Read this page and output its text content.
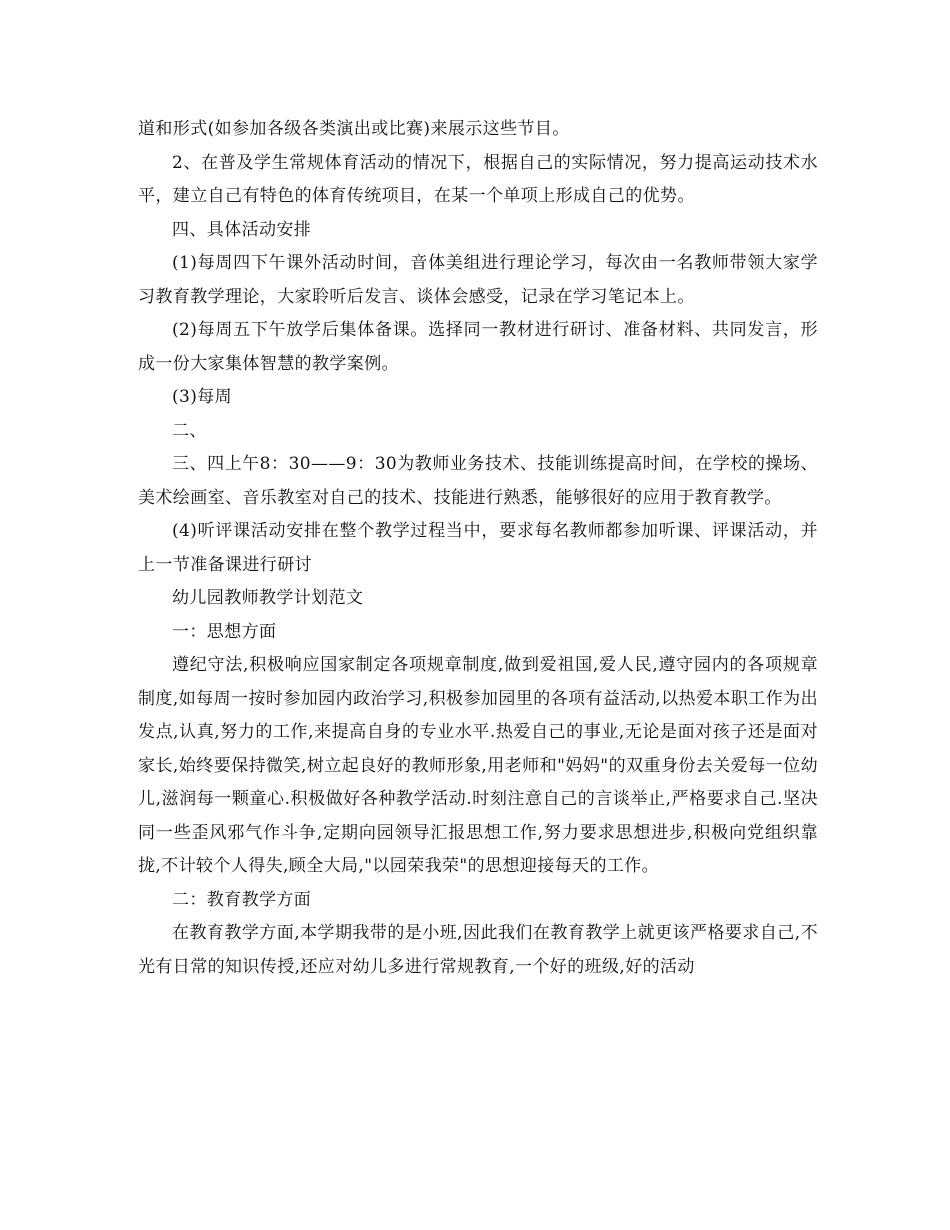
道和形式(如参加各级各类演出或比赛)来展示这些节目。

2、在普及学生常规体育活动的情况下，根据自己的实际情况，努力提高运动技术水平，建立自己有特色的体育传统项目，在某一个单项上形成自己的优势。

四、具体活动安排

(1)每周四下午课外活动时间，音体美组进行理论学习，每次由一名教师带领大家学习教育教学理论，大家聆听后发言、谈体会感受，记录在学习笔记本上。

(2)每周五下午放学后集体备课。选择同一教材进行研讨、准备材料、共同发言，形成一份大家集体智慧的教学案例。

(3)每周

二、

三、四上午8：30——9：30为教师业务技术、技能训练提高时间，在学校的操场、美术绘画室、音乐教室对自己的技术、技能进行熟悉，能够很好的应用于教育教学。

(4)听评课活动安排在整个教学过程当中，要求每名教师都参加听课、评课活动，并上一节准备课进行研讨

幼儿园教师教学计划范文

一：思想方面

遵纪守法,积极响应国家制定各项规章制度,做到爱祖国,爱人民,遵守园内的各项规章制度,如每周一按时参加园内政治学习,积极参加园里的各项有益活动,以热爱本职工作为出发点,认真,努力的工作,来提高自身的专业水平.热爱自己的事业,无论是面对孩子还是面对家长,始终要保持微笑,树立起良好的教师形象,用老师和"妈妈"的双重身份去关爱每一位幼儿,滋润每一颗童心.积极做好各种教学活动.时刻注意自己的言谈举止,严格要求自己.坚决同一些歪风邪气作斗争,定期向园领导汇报思想工作,努力要求思想进步,积极向党组织靠拢,不计较个人得失,顾全大局,"以园荣我荣"的思想迎接每天的工作。

二：教育教学方面

在教育教学方面,本学期我带的是小班,因此我们在教育教学上就更该严格要求自己,不光有日常的知识传授,还应对幼儿多进行常规教育,一个好的班级,好的活动
